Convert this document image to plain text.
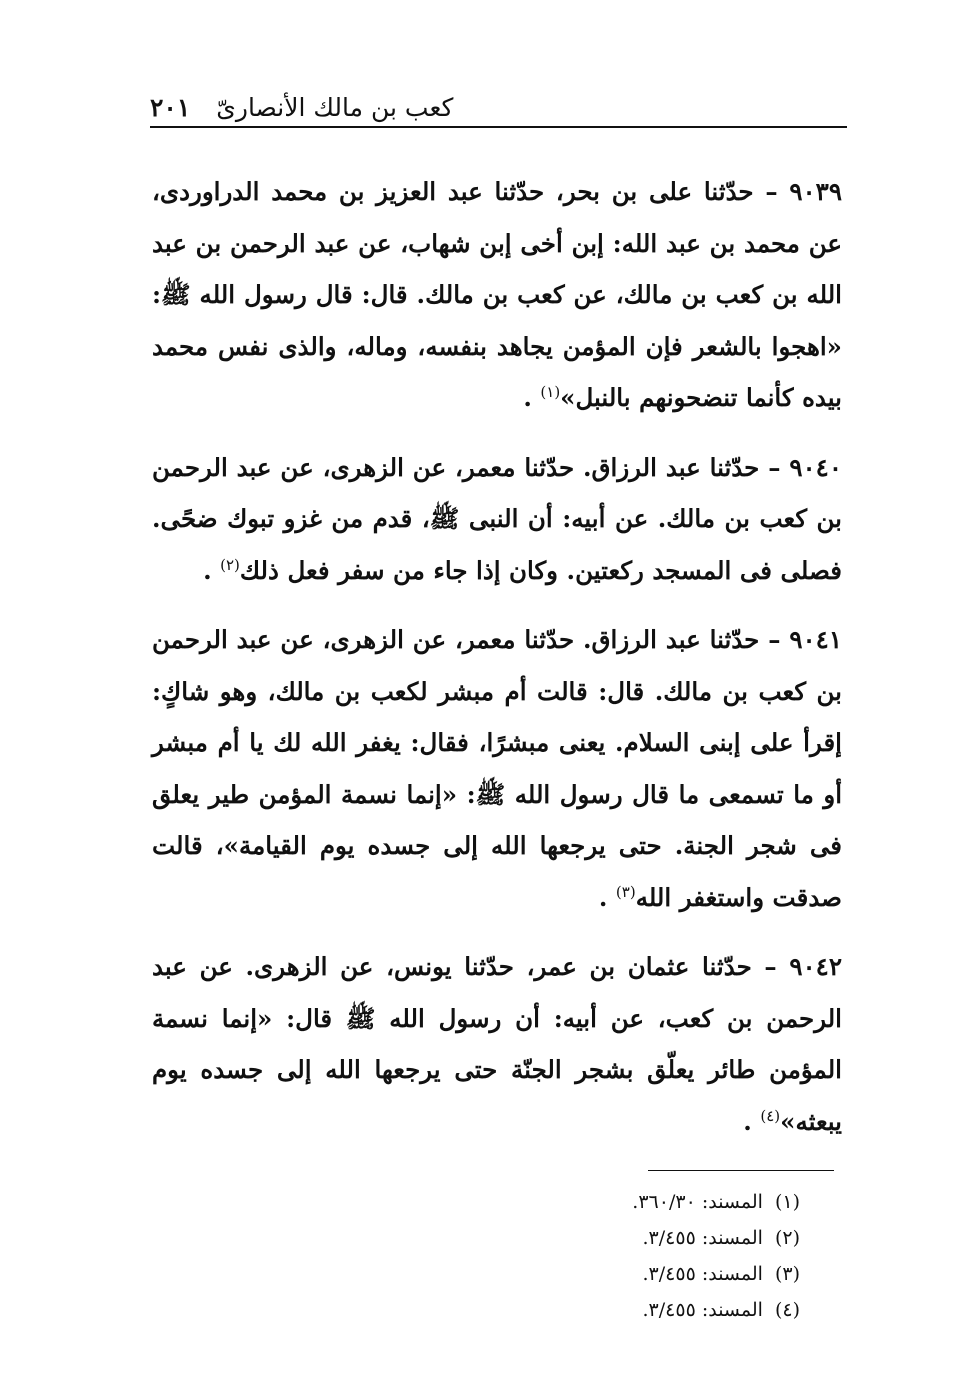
كعب بن مالك الأنصارىّ
٢٠١

٩٠٣٩ – حدّثنا على بن بحر، حدّثنا عبد العزيز بن محمد الدراوردى، عن محمد بن عبد الله: إبن أخى إبن شهاب، عن عبد الرحمن بن عبد الله بن كعب بن مالك، عن كعب بن مالك. قال: قال رسول الله ﷺ: «اهجوا بالشعر فإن المؤمن يجاهد بنفسه، وماله، والذى نفس محمد بيده كأنما تنضحونهم بالنبل»$^{(١)}$ .

٩٠٤٠ – حدّثنا عبد الرزاق. حدّثنا معمر، عن الزهرى، عن عبد الرحمن بن كعب بن مالك. عن أبيه: أن النبى ﷺ، قدم من غزو تبوك ضحًى. فصلى فى المسجد ركعتين. وكان إذا جاء من سفر فعل ذلك$^{(٢)}$ .

٩٠٤١ – حدّثنا عبد الرزاق. حدّثنا معمر، عن الزهرى، عن عبد الرحمن بن كعب بن مالك. قال: قالت أم مبشر لكعب بن مالك، وهو شاكٍ: إقرأ على إبنى السلام. يعنى مبشرًا، فقال: يغفر الله لك يا أم مبشر أو ما تسمعى ما قال رسول الله ﷺ: «إنما نسمة المؤمن طير يعلق فى شجر الجنة. حتى يرجعها الله إلى جسده يوم القيامة»، قالت صدقت واستغفر الله$^{(٣)}$ .

٩٠٤٢ – حدّثنا عثمان بن عمر، حدّثنا يونس، عن الزهرى. عن عبد الرحمن بن كعب، عن أبيه: أن رسول الله ﷺ قال: «إنما نسمة المؤمن طائر يعلّق بشجر الجنّة حتى يرجعها الله إلى جسده يوم يبعثه»$^{(٤)}$ .

(١)المسند: ٣٦٠/٣٠.
(٢)المسند: ٣/٤٥٥.
(٣)المسند: ٣/٤٥٥.
(٤)المسند: ٣/٤٥٥.
